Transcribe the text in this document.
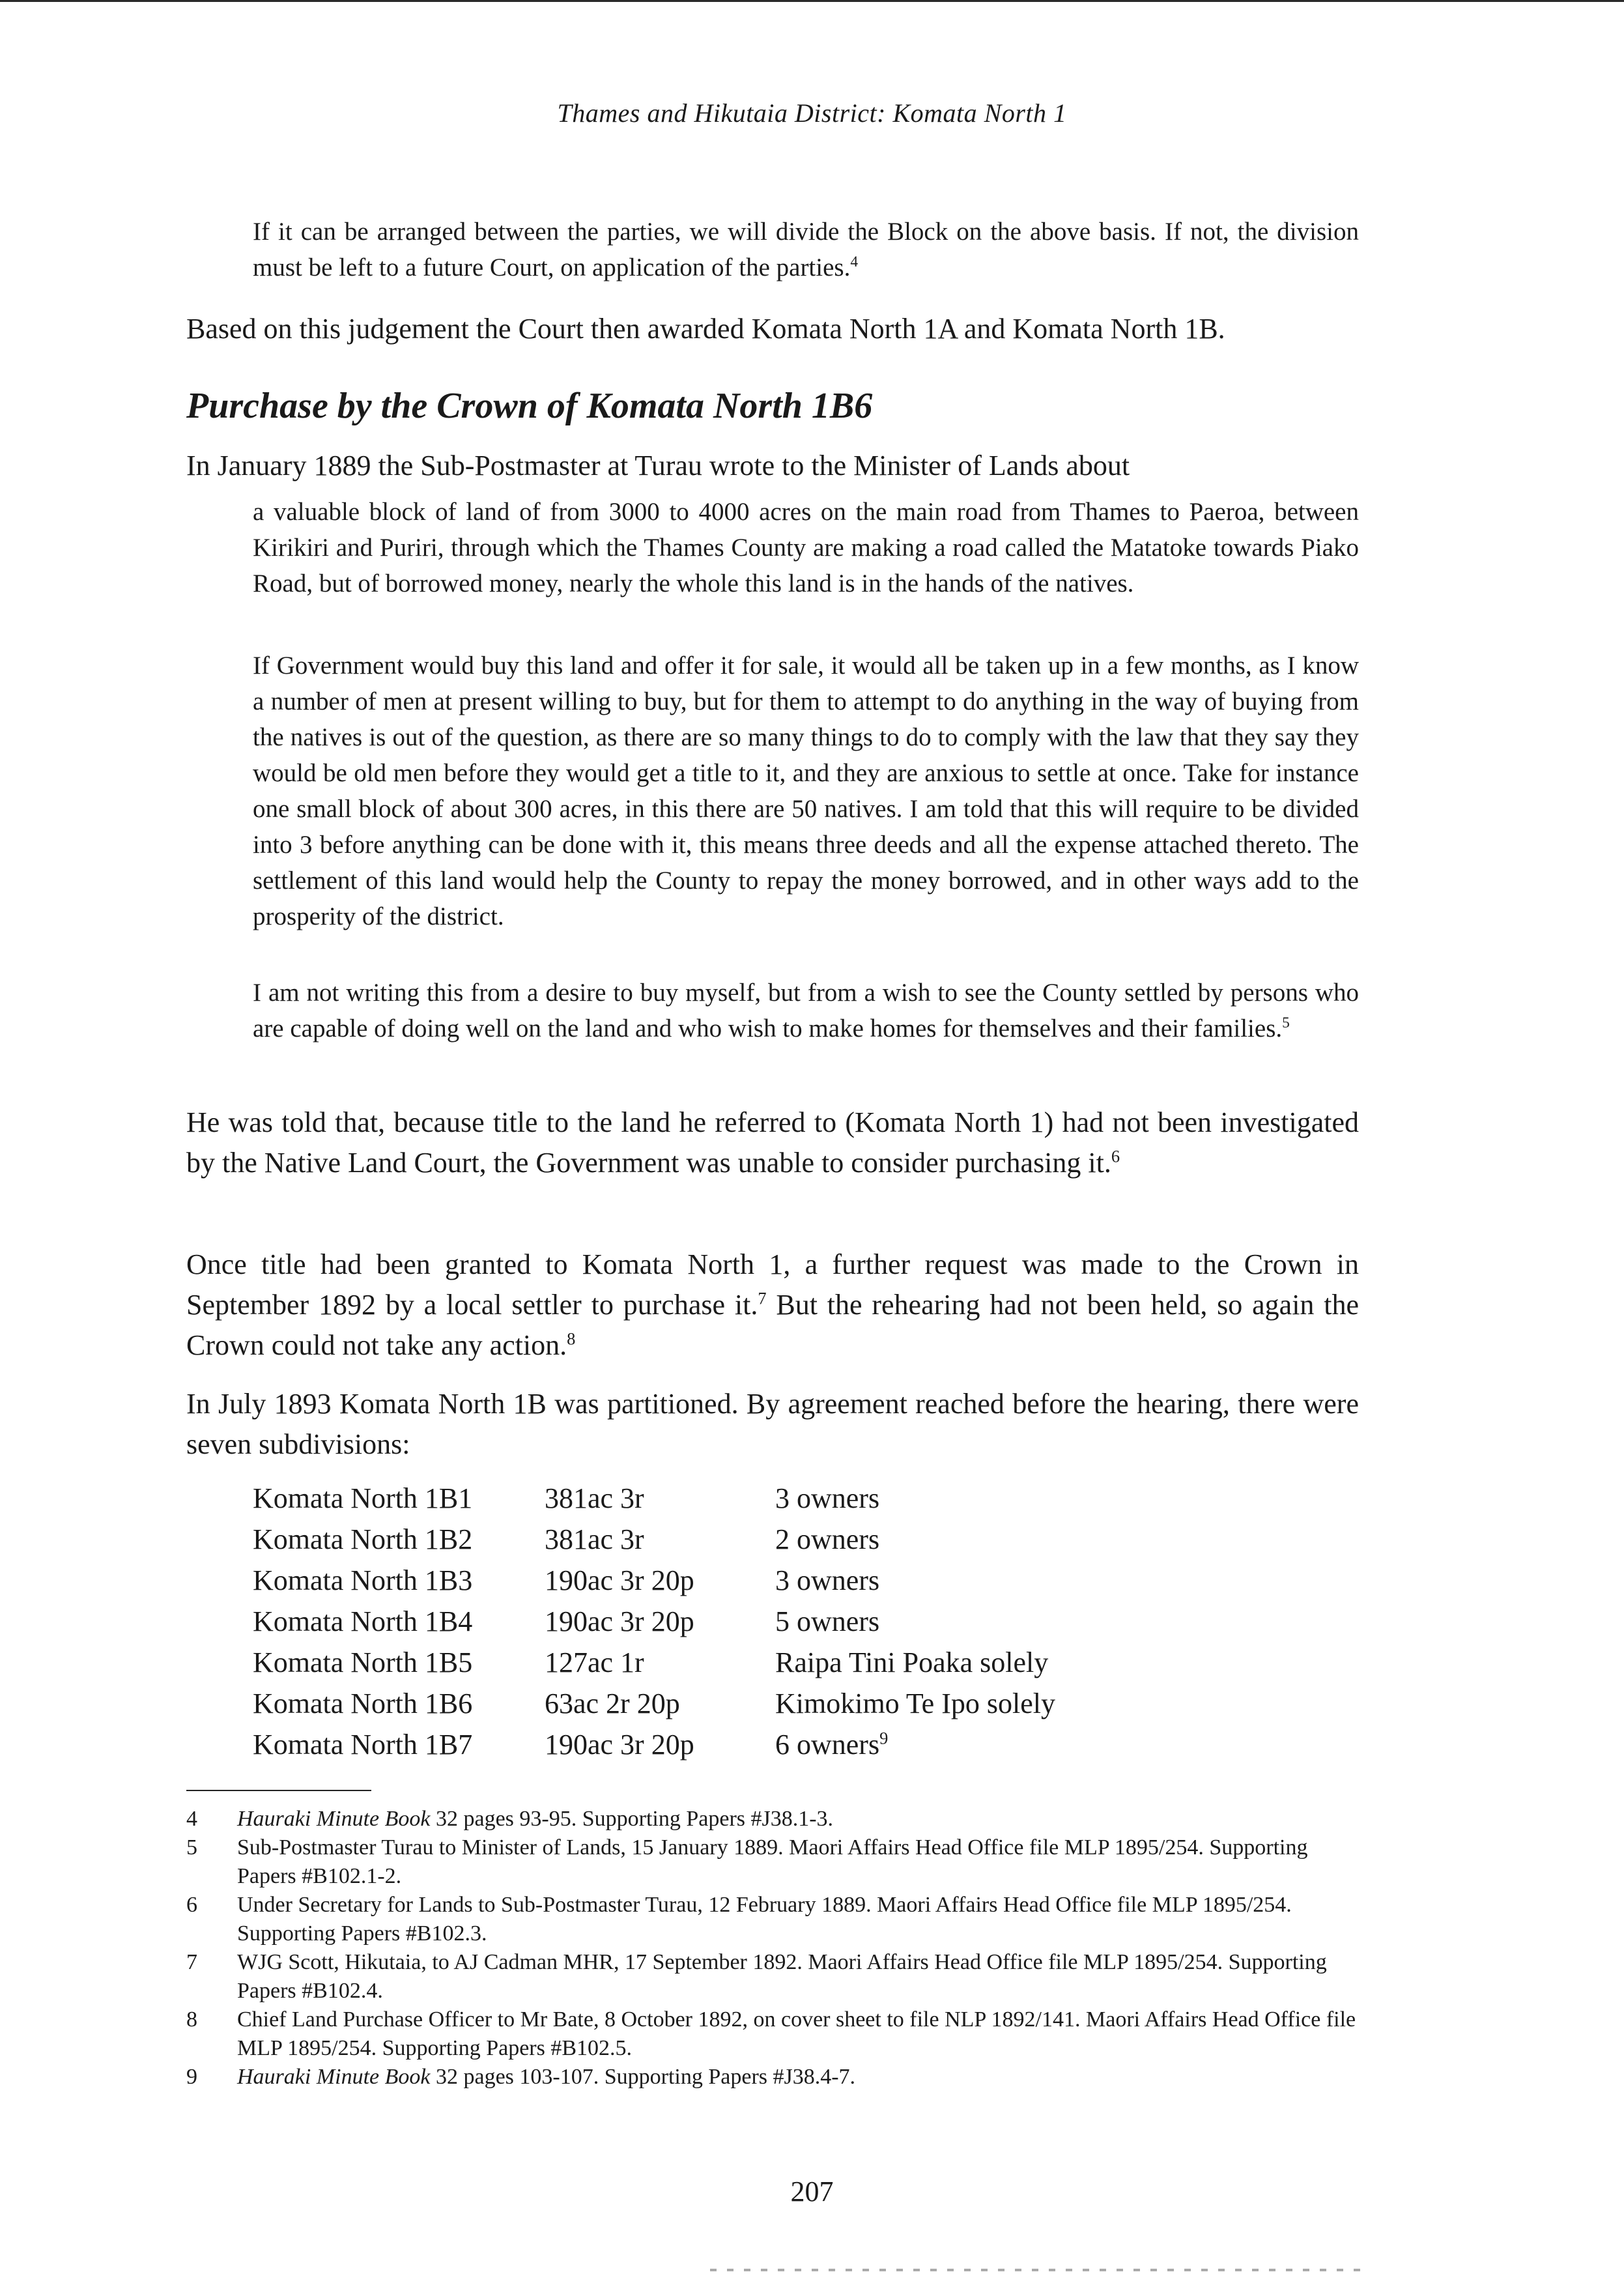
Thames and Hikutaia District: Komata North 1

If it can be arranged between the parties, we will divide the Block on the above basis. If not, the division must be left to a future Court, on application of the parties.$^4$

Based on this judgement the Court then awarded Komata North 1A and Komata North 1B.

Purchase by the Crown of Komata North 1B6

In January 1889 the Sub-Postmaster at Turau wrote to the Minister of Lands about

a valuable block of land of from 3000 to 4000 acres on the main road from Thames to Paeroa, between Kirikiri and Puriri, through which the Thames County are making a road called the Matatoke towards Piako Road, but of borrowed money, nearly the whole this land is in the hands of the natives.

If Government would buy this land and offer it for sale, it would all be taken up in a few months, as I know a number of men at present willing to buy, but for them to attempt to do anything in the way of buying from the natives is out of the question, as there are so many things to do to comply with the law that they say they would be old men before they would get a title to it, and they are anxious to settle at once. Take for instance one small block of about 300 acres, in this there are 50 natives. I am told that this will require to be divided into 3 before anything can be done with it, this means three deeds and all the expense attached thereto. The settlement of this land would help the County to repay the money borrowed, and in other ways add to the prosperity of the district.

I am not writing this from a desire to buy myself, but from a wish to see the County settled by persons who are capable of doing well on the land and who wish to make homes for themselves and their families.$^5$

He was told that, because title to the land he referred to (Komata North 1) had not been investigated by the Native Land Court, the Government was unable to consider purchasing it.$^6$

Once title had been granted to Komata North 1, a further request was made to the Crown in September 1892 by a local settler to purchase it.$^7$ But the rehearing had not been held, so again the Crown could not take any action.$^8$

In July 1893 Komata North 1B was partitioned. By agreement reached before the hearing, there were seven subdivisions:

Komata North 1B1	381ac 3r	3 owners
Komata North 1B2	381ac 3r	2 owners
Komata North 1B3	190ac 3r 20p	3 owners
Komata North 1B4	190ac 3r 20p	5 owners
Komata North 1B5	127ac 1r	Raipa Tini Poaka solely
Komata North 1B6	63ac 2r 20p	Kimokimo Te Ipo solely
Komata North 1B7	190ac 3r 20p	6 owners$^9$
4	Hauraki Minute Book 32 pages 93-95. Supporting Papers #J38.1-3.
5	Sub-Postmaster Turau to Minister of Lands, 15 January 1889. Maori Affairs Head Office file MLP 1895/254. Supporting Papers #B102.1-2.
6	Under Secretary for Lands to Sub-Postmaster Turau, 12 February 1889. Maori Affairs Head Office file MLP 1895/254. Supporting Papers #B102.3.
7	WJG Scott, Hikutaia, to AJ Cadman MHR, 17 September 1892. Maori Affairs Head Office file MLP 1895/254. Supporting Papers #B102.4.
8	Chief Land Purchase Officer to Mr Bate, 8 October 1892, on cover sheet to file NLP 1892/141. Maori Affairs Head Office file MLP 1895/254. Supporting Papers #B102.5.
9	Hauraki Minute Book 32 pages 103-107. Supporting Papers #J38.4-7.
207
